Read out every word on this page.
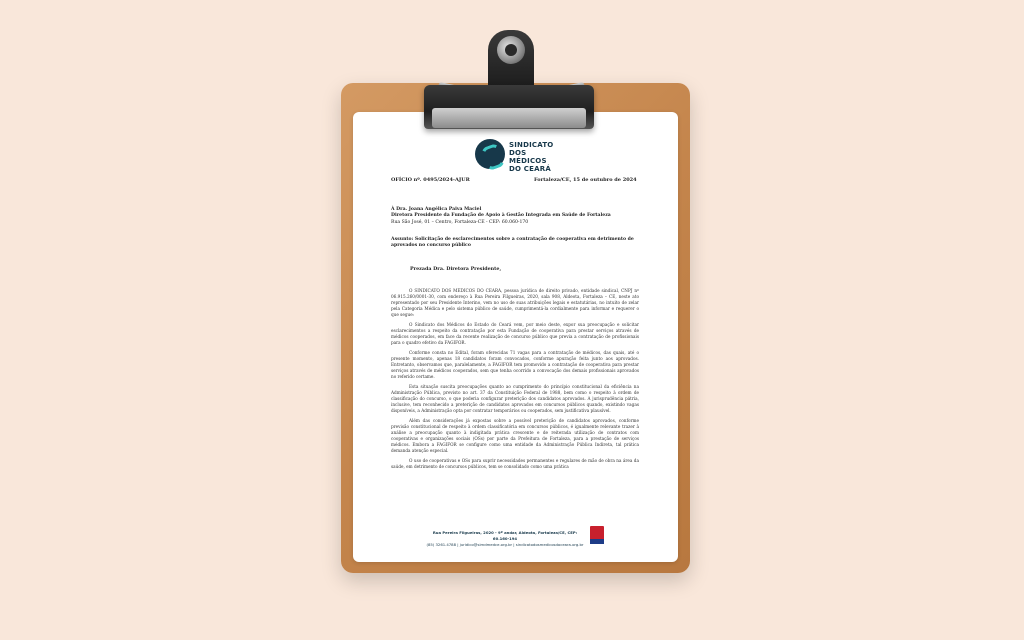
SINDICATO
DOS MÉDICOS
DO CEARÁ
OFÍCIO nº. 0495/2024-AJUR	Fortaleza/CE, 15 de outubro de 2024
À Dra. Joana Angélica Paiva Maciel
Diretora Presidente da Fundação de Apoio à Gestão Integrada em Saúde de Fortaleza
Rua São José, 01 – Centro, Fortaleza-CE - CEP: 60.060-170
Assunto: Solicitação de esclarecimentos sobre a contratação de cooperativa em detrimento de aprovados no concurso público
Prezada Dra. Diretora Presidente,

O SINDICATO DOS MÉDICOS DO CEARÁ, pessoa jurídica de direito privado, entidade sindical, CNPJ nº 06.915.260/0001-30, com endereço à Rua Pereira Filgueiras, 2020, sala 908, Aldeota, Fortaleza – CE, neste ato representado por seu Presidente Interino, vem no uso de suas atribuições legais e estatutárias, no intuito de zelar pela Categoria Médica e pelo sistema público de saúde, cumprimentá-la cordialmente para informar e requerer o que segue:

O Sindicato dos Médicos do Estado do Ceará vem, por meio deste, expor sua preocupação e solicitar esclarecimentos a respeito da contratação por esta Fundação de cooperativa para prestar serviços através de médicos cooperados, em face da recente realização de concurso público que previa a contratação de profissionais para o quadro efetivo da FAGIFOR.

Conforme consta no Edital, foram oferecidas 71 vagas para a contratação de médicos, das quais, até o presente momento, apenas 18 candidatos foram convocados, conforme apuração feita junto aos aprovados. Entretanto, observamos que, paralelamente, a FAGIFOR tem promovido a contratação de cooperativa para prestar serviços através de médicos cooperados, sem que tenha ocorrido a convocação dos demais profissionais aprovados no referido certame.

Esta situação suscita preocupações quanto ao cumprimento do princípio constitucional da eficiência na Administração Pública, previsto no art. 37 da Constituição Federal de 1988, bem como o respeito à ordem de classificação do concurso, o que poderia configurar preterição dos candidatos aprovados. A jurisprudência pátria, inclusive, tem reconhecido a preterição de candidatos aprovados em concursos públicos quando, existindo vagas disponíveis, a Administração opta por contratar temporários ou cooperados, sem justificativa plausível.

Além das considerações já expostas sobre a possível preterição de candidatos aprovados, conforme previsão constitucional de respeito à ordem classificatória em concursos públicos, é igualmente relevante trazer à análise a preocupação quanto à indigitada prática crescente e de reiterada utilização de contratos com cooperativas e organizações sociais (OSs) por parte da Prefeitura de Fortaleza, para a prestação de serviços médicos. Embora a FAGIFOR se configure como uma entidade da Administração Pública Indireta, tal prática demanda atenção especial.

O uso de cooperativas e OSs para suprir necessidades permanentes e regulares de mão de obra na área da saúde, em detrimento de concursos públicos, tem se consolidado como uma prática

Rua Pereira Filgueiras, 2020 - 9º andar, Aldeota, Fortaleza/CE, CEP: 60.160-194
(85) 3261.4788 | juridico@simdmedce.org.br | sindicatodosmedicosdoceara.org.br
